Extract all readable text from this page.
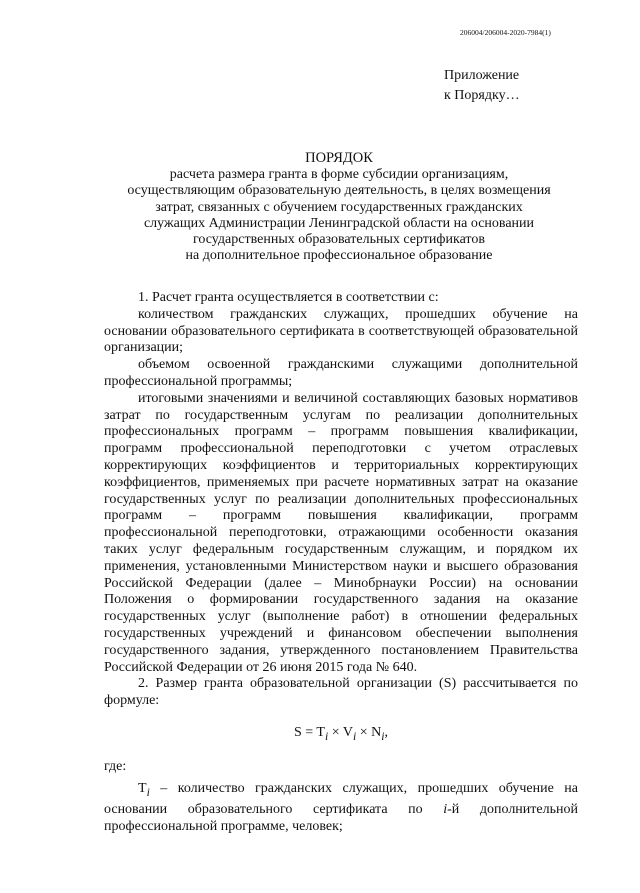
206004/206004-2020-7984(1)
Приложение
к Порядку…
ПОРЯДОК
расчета размера гранта в форме субсидии организациям,
осуществляющим образовательную деятельность, в целях возмещения
затрат, связанных с обучением государственных гражданских
служащих Администрации Ленинградской области на основании
государственных образовательных сертификатов
на дополнительное профессиональное образование

1. Расчет гранта осуществляется в соответствии с:

количеством гражданских служащих, прошедших обучение на основании образовательного сертификата в соответствующей образовательной организации;

объемом освоенной гражданскими служащими дополнительной профессиональной программы;

итоговыми значениями и величиной составляющих базовых нормативов затрат по государственным услугам по реализации дополнительных профессиональных программ – программ повышения квалификации, программ профессиональной переподготовки с учетом отраслевых корректирующих коэффициентов и территориальных корректирующих коэффициентов, применяемых при расчете нормативных затрат на оказание государственных услуг по реализации дополнительных профессиональных программ – программ повышения квалификации, программ профессиональной переподготовки, отражающими особенности оказания таких услуг федеральным государственным служащим, и порядком их применения, установленными Министерством науки и высшего образования Российской Федерации (далее – Минобрнауки России) на основании Положения о формировании государственного задания на оказание государственных услуг (выполнение работ) в отношении федеральных государственных учреждений и финансовом обеспечении выполнения государственного задания, утвержденного постановлением Правительства Российской Федерации от 26 июня 2015 года № 640.

2. Размер гранта образовательной организации (S) рассчитывается по формуле:

$S = T_i \times V_i \times N_i$,

где:

$T_i$ – количество гражданских служащих, прошедших обучение на основании образовательного сертификата по i-й дополнительной профессиональной программе, человек;
